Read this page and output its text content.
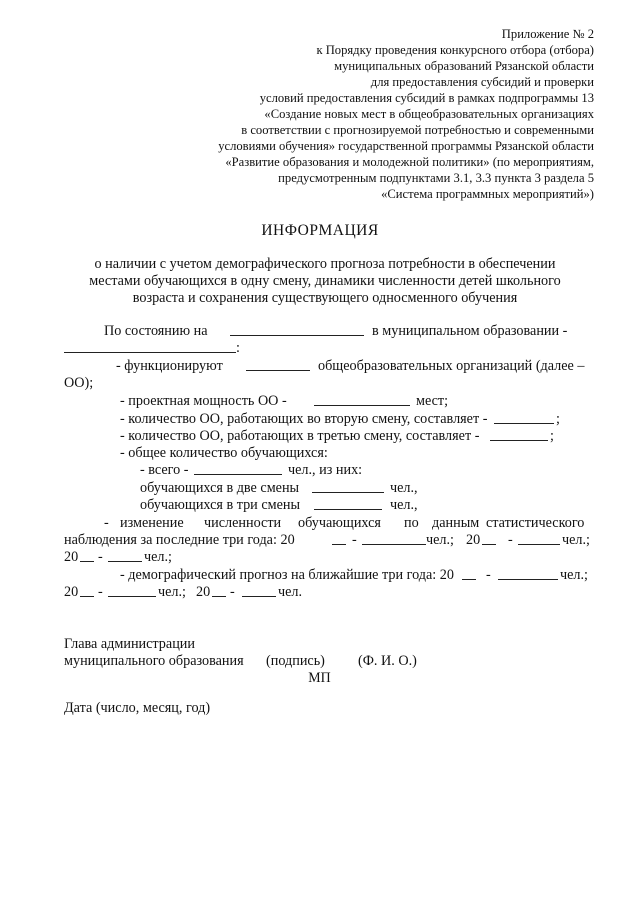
Приложение № 2
к Порядку проведения конкурсного отбора (отбора)
муниципальных образований Рязанской области
для предоставления субсидий и проверки
условий предоставления субсидий в рамках подпрограммы 13
«Создание новых мест в общеобразовательных организациях
в соответствии с прогнозируемой потребностью и современными
условиями обучения» государственной программы Рязанской области
«Развитие образования и молодежной политики» (по мероприятиям,
предусмотренным подпунктами 3.1, 3.3 пункта 3 раздела 5
«Система программных мероприятий»)
ИНФОРМАЦИЯ
о наличии с учетом демографического прогноза потребности в обеспечении
местами обучающихся в одну смену, динамики численности детей школьного
возраста и сохранения существующего односменного обучения
По состоянию на	в муниципальном образовании -
:
- функционируют	общеобразовательных организаций (далее –
ОО);
- проектная мощность ОО -	мест;
- количество ОО, работающих во вторую смену, составляет -	;
- количество ОО, работающих в третью смену, составляет -	;
- общее количество обучающихся:
- всего -	чел., из них:
обучающихся в две смены	чел.,
обучающихся в три смены	чел.,
- изменение численности обучающихся по данным статистического
наблюдения за последние три года: 20	-	чел.; 20 -	чел.;
20 -	чел.;
- демографический прогноз на ближайшие три года: 20 -	чел.;
20 -	чел.; 20 -	чел.
Глава администрации
муниципального образования (подпись) (Ф. И. О.)
МП
Дата (число, месяц, год)
